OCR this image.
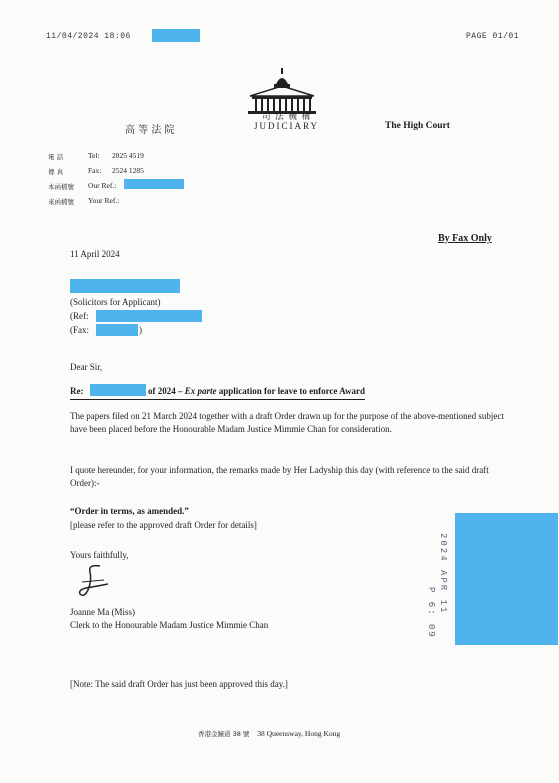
11/04/2024 18:06	PAGE 01/01
高 等 法 院
司 法 機 構
JUDICIARY	The High Court
電 話	Tel: 2825 4519
傳 真	Fax: 2524 1285
本函檔號 Our Ref.:
來函檔號 Your Ref.:
By Fax Only
11 April 2024
(Solicitors for Applicant)
(Ref:
(Fax:	)
Dear Sir,
Re:	of 2024 – Ex parte application for leave to enforce Award
The papers filed on 21 March 2024 together with a draft Order drawn up for the purpose of the above-mentioned subject have been placed before the Honourable Madam Justice Mimmie Chan for consideration.
I quote hereunder, for your information, the remarks made by Her Ladyship this day (with reference to the said draft Order):-
“Order in terms, as amended.”
[please refer to the approved draft Order for details]
Yours faithfully,
Joanne Ma (Miss)
Clerk to the Honourable Madam Justice Mimmie Chan
2024 APR 11
P 6: 09
[Note: The said draft Order has just been approved this day.]
香港金鐘道 38 號 38 Queensway, Hong Kong
